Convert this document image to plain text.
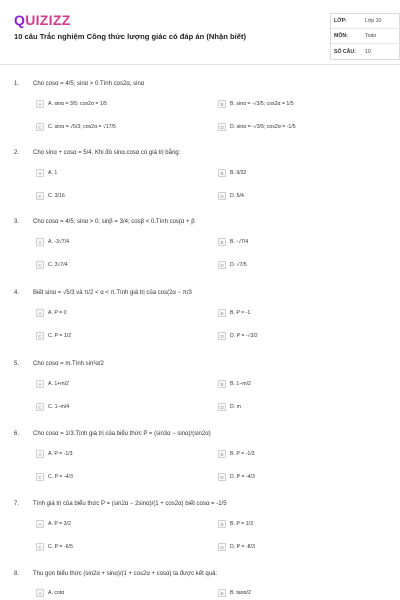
QUIZIZZ
10 câu Trắc nghiệm Công thức lượng giác có đáp án (Nhận biết)
LỚP:	Lớp 10
MÔN:	Toán
SỐ CÂU:	10
1.	Cho cosα = 4/5; sinα > 0.Tính cos2α, sinα
A	A. sinα = 3/5; cos2α = 1/5	B	B. sinα = -√3/5; cos2α = 1/5
C	C. sinα = √5/3; cos2α = √17/5	D	D. sinα = -√3/5; cos2α = -1/5
2.	Cho sinα + cosα = 5/4. Khi đó sinα.cosα có giá trị bằng:
A	A. 1	B	B. 9/32
C	C. 3/16	D	D. 5/4
3.	Cho cosα = 4/5; sinα > 0; sinβ = 3/4; cosβ < 0.Tính cos(α + β
A	A. -3√7/4	B	B. -√7/4
C	C. 3√7/4	D	D. √7/5
4.	Biết sinα = √5/3 và π/2 < α < π.Tính giá trị của cos(2α − π/3
A	A. P = 0	B	B. P = -1
C	C. P = 1/2	D	D. P = -√3/2
5.	Cho cosα = m.Tính sin²α/2
A	A. 1+m/2	B	B. 1−m/2
C	C. 1−m/4	D	D. m
6.	Cho cosα = 1/3.Tính giá trị của biểu thức P = (sin3α − sinα)/(sin2α)
A	A. P = -1/3	B	B. P = -1/3
C	C. P = -4/3	D	D. P = -4/3
7.	Tính giá trị của biểu thức P = (sin2α − 2sinα)/(1 + cos2α) biết cosα = -1/5
A	A. P = 3/2	B	B. P = 1/3
C	C. P = -6/5	D	D. P = -8/3
8.	Thu gọn biểu thức (sin2α + sinα)/(1 + cos2α + cosα) ta được kết quả:
A	A. cotα	B	B. tanα/2
